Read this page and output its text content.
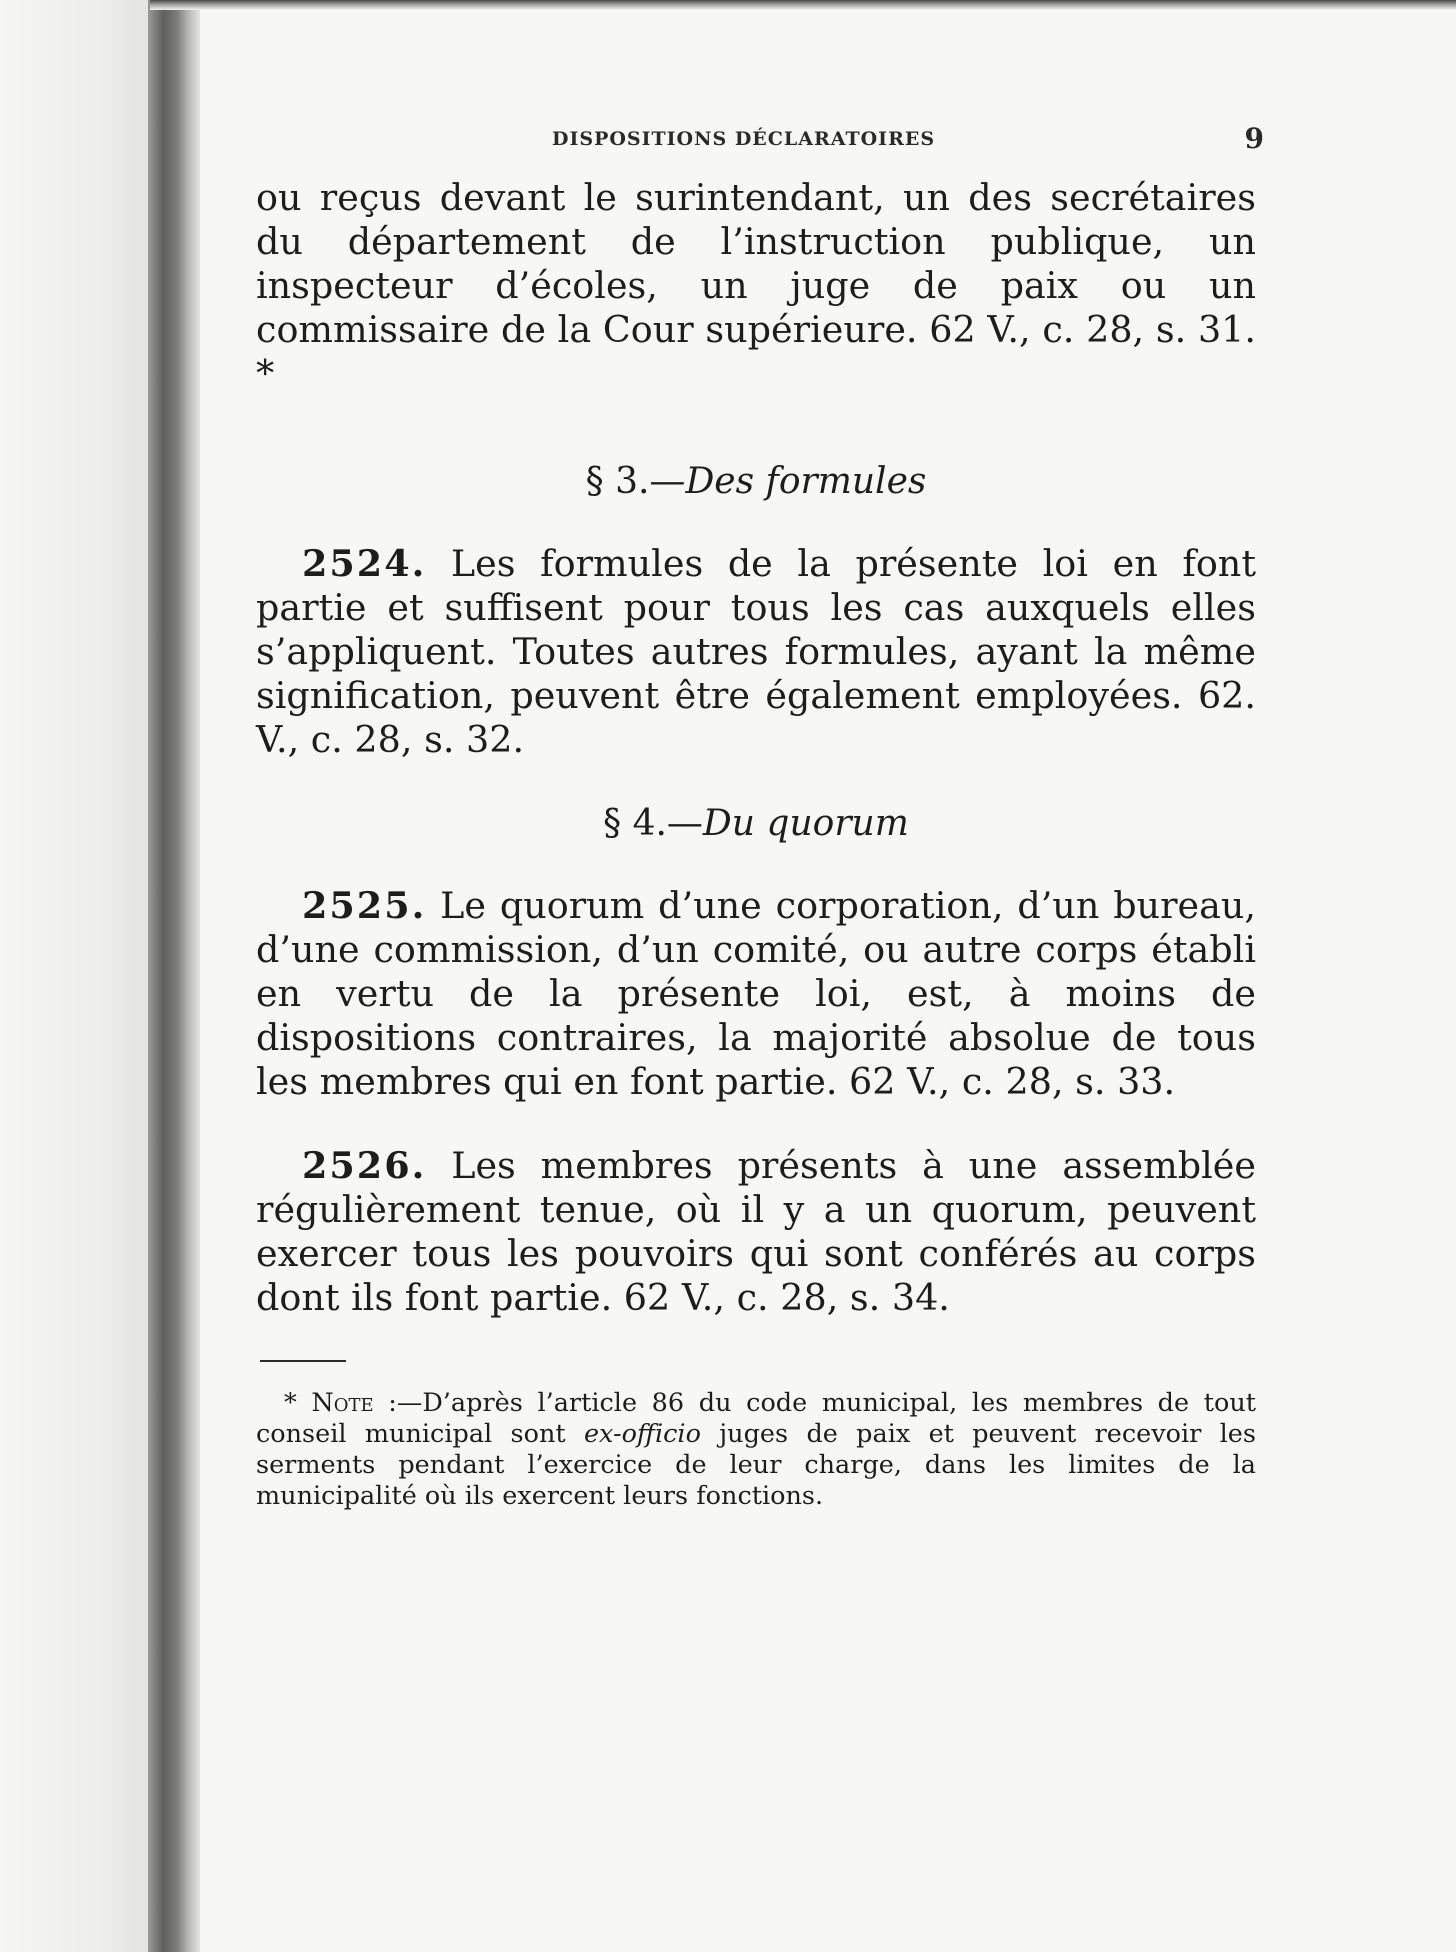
DISPOSITIONS DÉCLARATOIRES	9

ou reçus devant le surintendant, un des secrétaires du département de l’instruction publique, un inspecteur d’écoles, un juge de paix ou un commissaire de la Cour supérieure. 62 V., c. 28, s. 31. *

§ 3.—Des formules

2524. Les formules de la présente loi en font partie et suffisent pour tous les cas auxquels elles s’appliquent. Toutes autres formules, ayant la même signification, peuvent être également employées. 62. V., c. 28, s. 32.

§ 4.—Du quorum

2525. Le quorum d’une corporation, d’un bureau, d’une commission, d’un comité, ou autre corps établi en vertu de la présente loi, est, à moins de dispositions contraires, la majorité absolue de tous les membres qui en font partie. 62 V., c. 28, s. 33.

2526. Les membres présents à une assemblée régulièrement tenue, où il y a un quorum, peuvent exercer tous les pouvoirs qui sont conférés au corps dont ils font partie. 62 V., c. 28, s. 34.

* Note :—D’après l’article 86 du code municipal, les membres de tout conseil municipal sont ex-officio juges de paix et peuvent recevoir les serments pendant l’exercice de leur charge, dans les limites de la municipalité où ils exercent leurs fonctions.
